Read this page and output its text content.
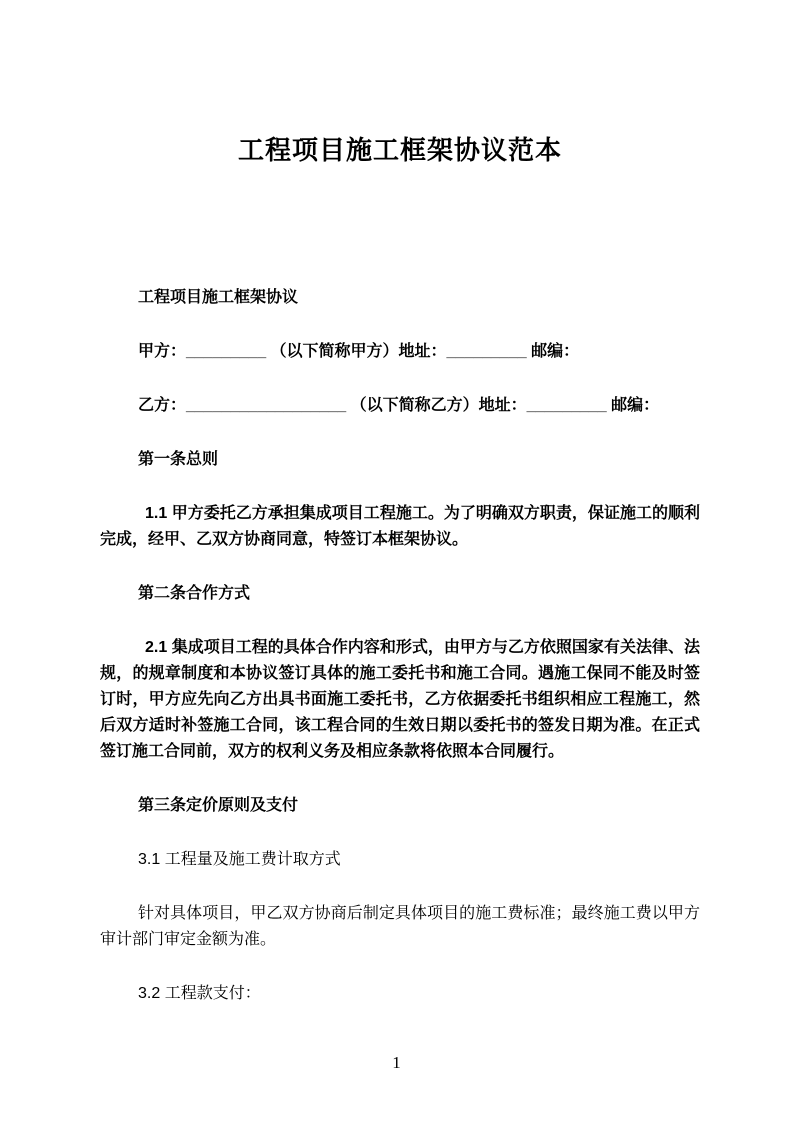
工程项目施工框架协议范本

工程项目施工框架协议

甲方：_________ （以下简称甲方）地址：_________ 邮编：

乙方：__________________ （以下简称乙方）地址：_________ 邮编：

第一条总则

1.1 甲方委托乙方承担集成项目工程施工。为了明确双方职责，保证施工的顺利完成，经甲、乙双方协商同意，特签订本框架协议。

第二条合作方式

2.1 集成项目工程的具体合作内容和形式，由甲方与乙方依照国家有关法律、法规，的规章制度和本协议签订具体的施工委托书和施工合同。遇施工保同不能及时签订时，甲方应先向乙方出具书面施工委托书，乙方依据委托书组织相应工程施工，然后双方适时补签施工合同，该工程合同的生效日期以委托书的签发日期为准。在正式签订施工合同前，双方的权利义务及相应条款将依照本合同履行。

第三条定价原则及支付

3.1 工程量及施工费计取方式

针对具体项目，甲乙双方协商后制定具体项目的施工费标准；最终施工费以甲方审计部门审定金额为准。

3.2 工程款支付：

1
